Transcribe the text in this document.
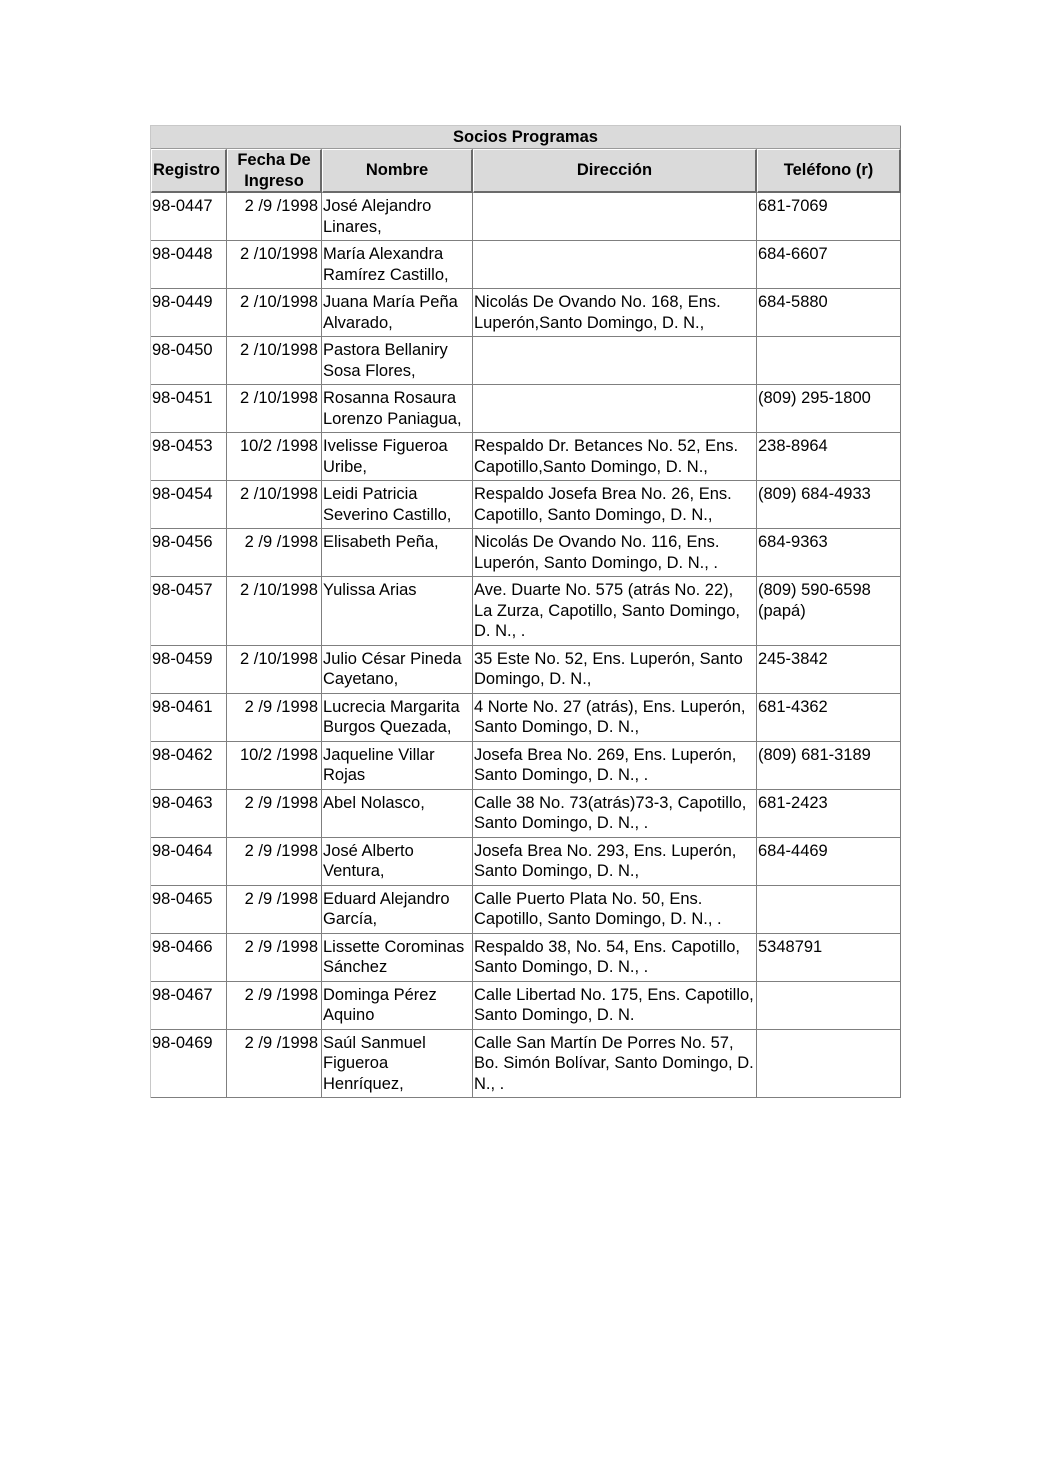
Socios Programas				
Registro	Fecha De Ingreso	Nombre	Dirección	Teléfono (r)
98-0447	2 /9 /1998	José Alejandro Linares,		681-7069
98-0448	2 /10/1998	María Alexandra Ramírez Castillo,		684-6607
98-0449	2 /10/1998	Juana María Peña Alvarado,	Nicolás De Ovando No. 168, Ens. Luperón,Santo Domingo, D. N.,	684-5880
98-0450	2 /10/1998	Pastora Bellaniry Sosa Flores,		
98-0451	2 /10/1998	Rosanna Rosaura Lorenzo Paniagua,		(809) 295-1800
98-0453	10/2 /1998	Ivelisse Figueroa Uribe,	Respaldo Dr. Betances No. 52, Ens. Capotillo,Santo Domingo, D. N.,	238-8964
98-0454	2 /10/1998	Leidi Patricia Severino Castillo,	Respaldo Josefa Brea No. 26, Ens. Capotillo, Santo Domingo, D. N.,	(809) 684-4933
98-0456	2 /9 /1998	Elisabeth Peña,	Nicolás De Ovando No. 116, Ens. Luperón, Santo Domingo, D. N., .	684-9363
98-0457	2 /10/1998	Yulissa Arias	Ave. Duarte No. 575 (atrás No. 22), La Zurza, Capotillo, Santo Domingo, D. N., .	(809) 590-6598 (papá)
98-0459	2 /10/1998	Julio César Pineda Cayetano,	35 Este No. 52, Ens. Luperón, Santo Domingo, D. N.,	245-3842
98-0461	2 /9 /1998	Lucrecia Margarita Burgos Quezada,	4 Norte No. 27 (atrás), Ens. Luperón, Santo Domingo, D. N.,	681-4362
98-0462	10/2 /1998	Jaqueline Villar Rojas	Josefa Brea No. 269, Ens. Luperón, Santo Domingo, D. N., .	(809) 681-3189
98-0463	2 /9 /1998	Abel Nolasco,	Calle 38 No. 73(atrás)73-3, Capotillo, Santo Domingo, D. N., .	681-2423
98-0464	2 /9 /1998	José Alberto Ventura,	Josefa Brea No. 293, Ens. Luperón, Santo Domingo, D. N.,	684-4469
98-0465	2 /9 /1998	Eduard Alejandro García,	Calle Puerto Plata No. 50, Ens. Capotillo, Santo Domingo, D. N., .	
98-0466	2 /9 /1998	Lissette Corominas Sánchez	Respaldo 38, No. 54, Ens. Capotillo, Santo Domingo, D. N., .	5348791
98-0467	2 /9 /1998	Dominga Pérez Aquino	Calle Libertad No. 175, Ens. Capotillo, Santo Domingo, D. N.	
98-0469	2 /9 /1998	Saúl Sanmuel Figueroa Henríquez,	Calle San Martín De Porres No. 57, Bo. Simón Bolívar, Santo Domingo, D. N., .	
